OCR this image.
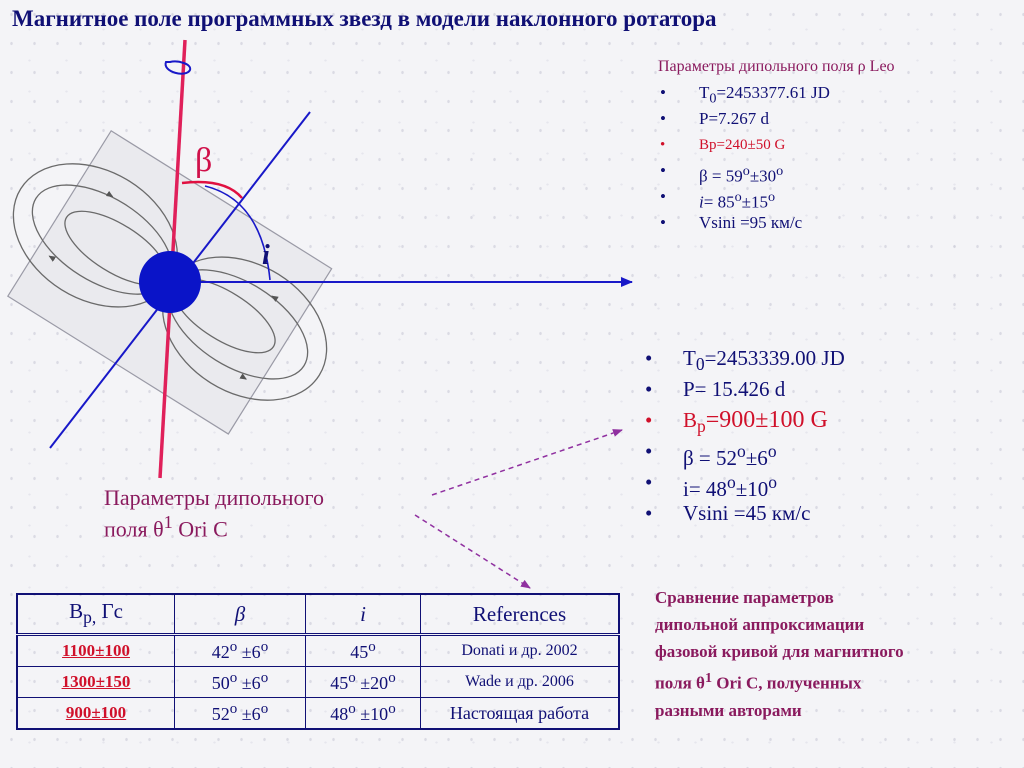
Магнитное поле программных звезд в модели наклонного ротатора
β
i
Параметры дипольного поля ρ Leo
• $T_0=2453377.61$ JD
• P=7.267 d
• Bp=240±50 G
• $\beta = 59^o\pm 30^o$
• $i= 85^o\pm 15^o$
• Vsini =95 км/с
• $T_0=2453339.00$ JD
• P= 15.426 d
• $B_p=900\pm 100$ G
• $\beta = 52^o\pm 6^o$
• $i= 48^o\pm 10^o$
• Vsini =45 км/с
Параметры дипольного
поля $\theta^1$ Ori C
$B_{p,}$ Гс	β	i	References
1100±100	$42^o \pm 6^o$	45$^o$	Donati и др. 2002
1300±150	$50^o \pm 6^o$	$45^o \pm 20^o$	Wade и др. 2006
900±100	$52^o \pm 6^o$	$48^o \pm 10^o$	Настоящая работа
Сравнение параметров
дипольной аппроксимации
фазовой кривой для магнитного
поля $\theta^1$ Ori C, полученных
разными авторами
